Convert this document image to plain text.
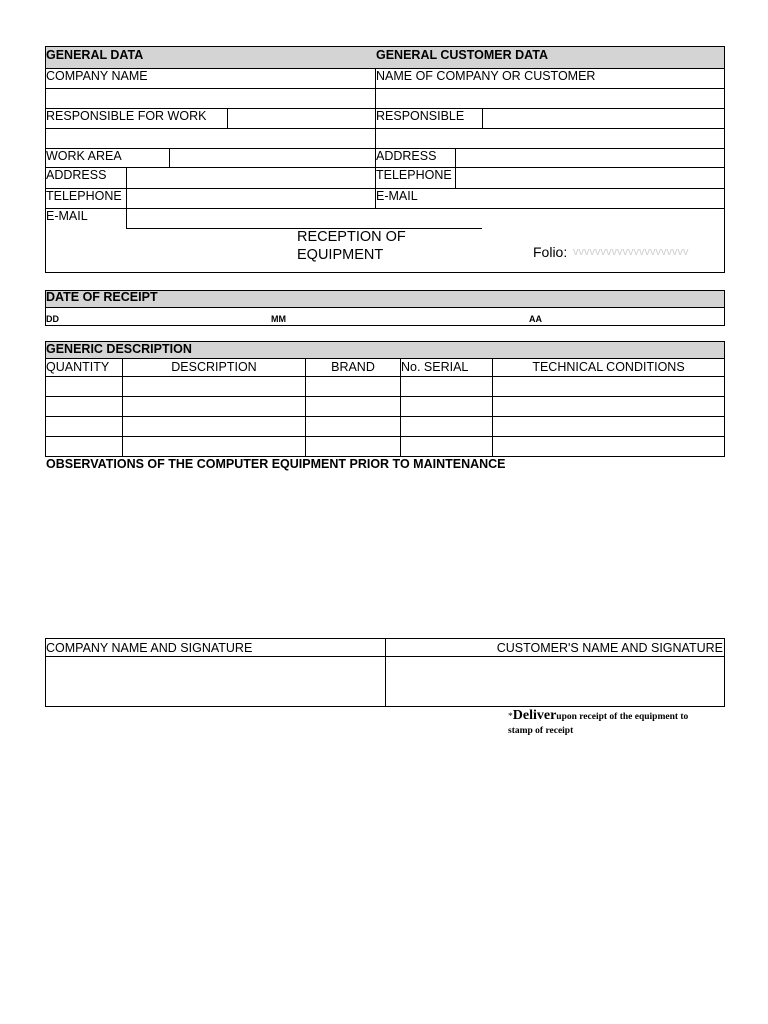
GENERAL DATA	GENERAL CUSTOMER DATA
COMPANY NAME	NAME OF COMPANY OR CUSTOMER
RESPONSIBLE FOR WORK	RESPONSIBLE
WORK AREA	ADDRESS
ADDRESS	TELEPHONE
TELEPHONE	E-MAIL
E-MAIL
RECEPTION OF
EQUIPMENT	Folio: vvvvvvvvvvvvvvvvvvvvv
DATE OF RECEIPT
DD	MM	AA
GENERIC DESCRIPTION
QUANTITY	DESCRIPTION	BRAND	No. SERIAL	TECHNICAL CONDITIONS
OBSERVATIONS OF THE COMPUTER EQUIPMENT PRIOR TO MAINTENANCE
COMPANY NAME AND SIGNATURE	CUSTOMER'S NAME AND SIGNATURE
*Deliverupon receipt of the equipment to
stamp of receipt
